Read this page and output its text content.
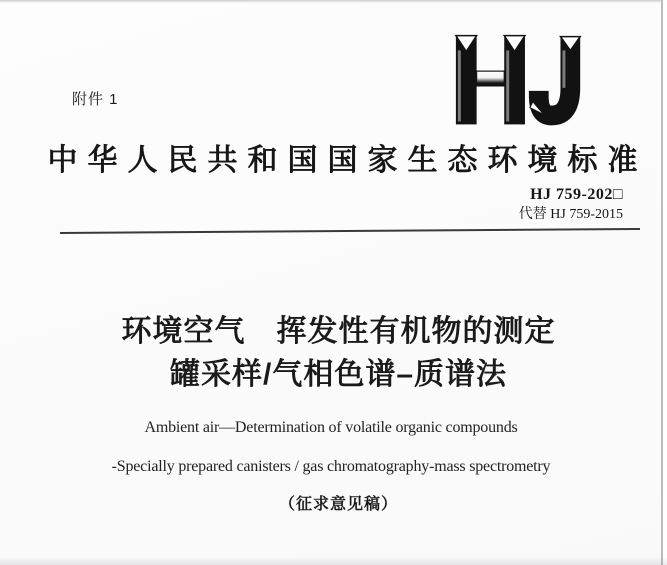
附件 1
中华人民共和国国家生态环境标准
HJ 759-202□
代替 HJ 759-2015
环境空气　挥发性有机物的测定
罐采样/气相色谱–质谱法
Ambient air—Determination of volatile organic compounds
-Specially prepared canisters / gas chromatography-mass spectrometry
（征求意见稿）
